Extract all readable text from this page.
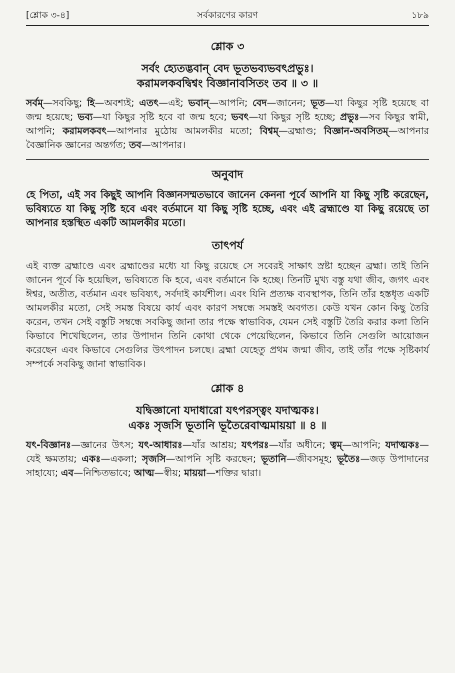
[শ্লোক ৩-৪]	সর্বকারণের কারণ	১৮৯
শ্লোক ৩
সর্বং হ্যেতদ্ভবান্‌ বেদ ভূতভব্যভবৎপ্রভুঃ।
করামলকবদ্বিশ্বং বিজ্ঞানাবসিতং তব ॥ ৩ ॥
সর্বম্‌—সবকিছু; হি—অবশ্যই; এতৎ—এই; ভবান্‌—আপনি; বেদ—জানেন; ভূত—যা কিছুর সৃষ্টি হয়েছে বা জন্ম হয়েছে; ভব্য—যা কিছুর সৃষ্টি হবে বা জন্ম হবে; ভবৎ—যা কিছুর সৃষ্টি হচ্ছে; প্রভুঃ—সব কিছুর স্বামী, আপনি; করামলকবৎ—আপনার মুঠোয় আমলকীর মতো; বিশ্বম্‌—ব্রহ্মাণ্ড; বিজ্ঞান-অবসিতম্‌—আপনার বৈজ্ঞানিক জ্ঞানের অন্তর্গত; তব—আপনার।
অনুবাদ
হে পিতা, এই সব কিছুই আপনি বিজ্ঞানসম্মতভাবে জানেন কেননা পূর্বে আপনি যা কিছু সৃষ্টি করেছেন, ভবিষ্যতে যা কিছু সৃষ্টি হবে এবং বর্তমানে যা কিছু সৃষ্টি হচ্ছে, এবং এই ব্রহ্মাণ্ডে যা কিছু রয়েছে তা আপনার হস্তস্থিত একটি আমলকীর মতো।
তাৎপর্য
এই ব্যক্ত ব্রহ্মাণ্ডে এবং ব্রহ্মাণ্ডের মধ্যে যা কিছু রয়েছে সে সবেরই সাক্ষাৎ স্রষ্টা হচ্ছেন ব্রহ্মা। তাই তিনি জানেন পূর্বে কি হয়েছিল, ভবিষ্যতে কি হবে, এবং বর্তমানে কি হচ্ছে। তিনটি মুখ্য বস্তু যথা জীব, জগৎ এবং ঈশ্বর, অতীত, বর্তমান এবং ভবিষ্যৎ, সর্বদাই কার্যশীল। এবং যিনি প্রত্যক্ষ ব্যবস্থাপক, তিনি তাঁর হস্তধৃত একটি আমলকীর মতো, সেই সমস্ত বিষয়ে কার্য এবং কারণ সম্বন্ধে সমস্তই অবগত। কেউ যখন কোন কিছু তৈরি করেন, তখন সেই বস্তুটি সম্বন্ধে সবকিছু জানা তার পক্ষে স্বাভাবিক, যেমন সেই বস্তুটি তৈরি করার কলা তিনি কিভাবে শিখেছিলেন, তার উপাদান তিনি কোথা থেকে পেয়েছিলেন, কিভাবে তিনি সেগুলি আয়োজন করেছেন এবং কিভাবে সেগুলির উৎপাদন চলছে। ব্রহ্মা যেহেতু প্রথম জন্মা জীব, তাই তাঁর পক্ষে সৃষ্টিকার্য সম্পর্কে সবকিছু জানা স্বাভাবিক।
শ্লোক ৪
যদ্বিজ্ঞানো যদাধারো যৎপরস্ত্বং যদাত্মকঃ।
একঃ সৃজসি ভূতানি ভূতৈরেবাত্মমায়য়া ॥ ৪ ॥
যৎ-বিজ্ঞানঃ—জ্ঞানের উৎস; যৎ-আধারঃ—যাঁর আশ্রয়; যৎপরঃ—যাঁর অধীনে; ত্বম্‌—আপনি; যদাত্মকঃ—যেই ক্ষমতায়; একঃ—একলা; সৃজসি—আপনি সৃষ্টি করছেন; ভূতানি—জীবসমূহ; ভূতৈঃ—জড় উপাদানের সাহায্যে; এব—নিশ্চিতভাবে; আত্ম—স্বীয়; মায়য়া—শক্তির দ্বারা।
